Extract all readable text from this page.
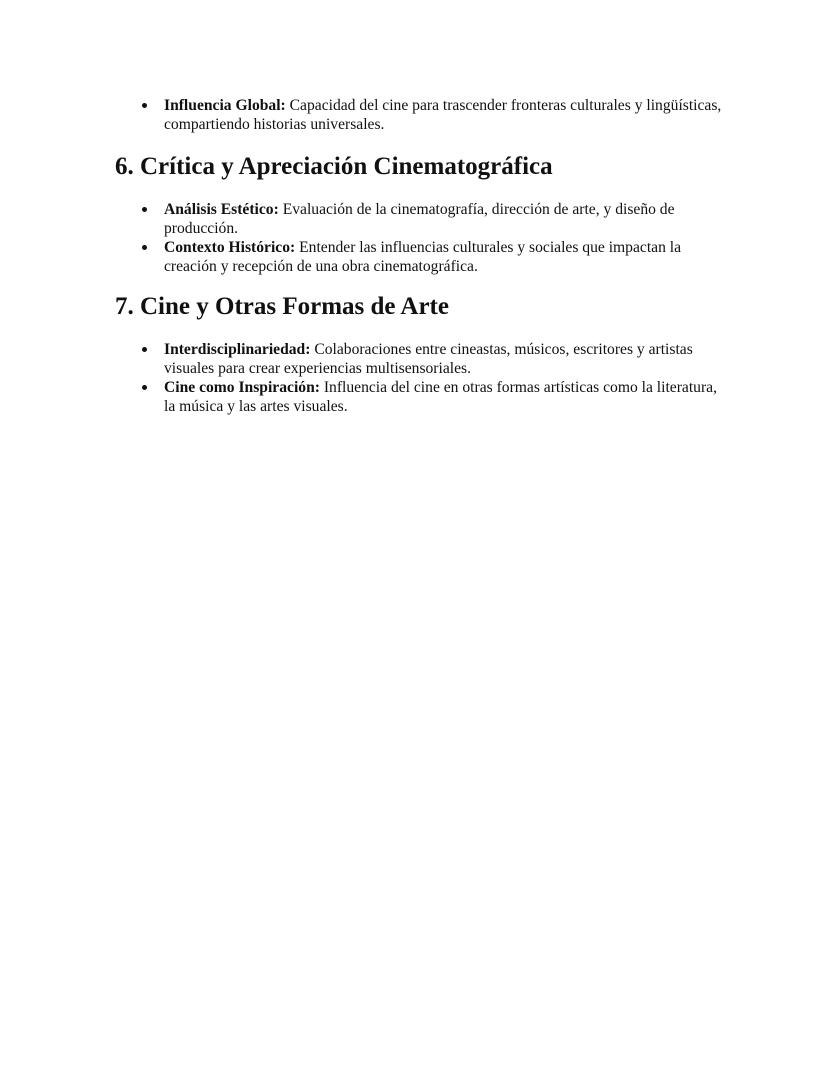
Influencia Global: Capacidad del cine para trascender fronteras culturales y lingüísticas, compartiendo historias universales.
6. Crítica y Apreciación Cinematográfica
Análisis Estético: Evaluación de la cinematografía, dirección de arte, y diseño de producción.
Contexto Histórico: Entender las influencias culturales y sociales que impactan la creación y recepción de una obra cinematográfica.
7. Cine y Otras Formas de Arte
Interdisciplinariedad: Colaboraciones entre cineastas, músicos, escritores y artistas visuales para crear experiencias multisensoriales.
Cine como Inspiración: Influencia del cine en otras formas artísticas como la literatura, la música y las artes visuales.
